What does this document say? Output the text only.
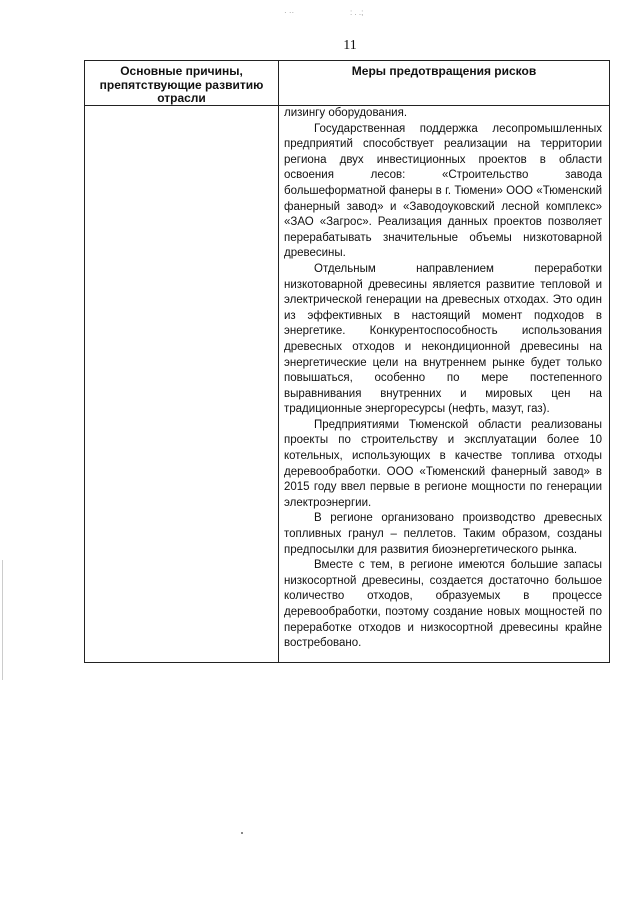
· ··	: . .;
11
Основные причины, препятствующие развитию отрасли
Меры предотвращения рисков

лизингу оборудования.

Государственная поддержка лесопромышленных предприятий способствует реализации на территории региона двух инвестиционных проектов в области освоения лесов: «Строительство завода большеформатной фанеры в г. Тюмени» ООО «Тюменский фанерный завод» и «Заводоуковский лесной комплекс» «ЗАО «Загрос». Реализация данных проектов позволяет перерабатывать значительные объемы низкотоварной древесины.

Отдельным направлением переработки низкотоварной древесины является развитие тепловой и электрической генерации на древесных отходах. Это один из эффективных в настоящий момент подходов в энергетике. Конкурентоспособность использования древесных отходов и некондиционной древесины на энергетические цели на внутреннем рынке будет только повышаться, особенно по мере постепенного выравнивания внутренних и мировых цен на традиционные энергоресурсы (нефть, мазут, газ).

Предприятиями Тюменской области реализованы проекты по строительству и эксплуатации более 10 котельных, использующих в качестве топлива отходы деревообработки. ООО «Тюменский фанерный завод» в 2015 году ввел первые в регионе мощности по генерации электроэнергии.

В регионе организовано производство древесных топливных гранул – пеллетов. Таким образом, созданы предпосылки для развития биоэнергетического рынка.

Вместе с тем, в регионе имеются большие запасы низкосортной древесины, создается достаточно большое количество отходов, образуемых в процессе деревообработки, поэтому создание новых мощностей по переработке отходов и низкосортной древесины крайне востребовано.
